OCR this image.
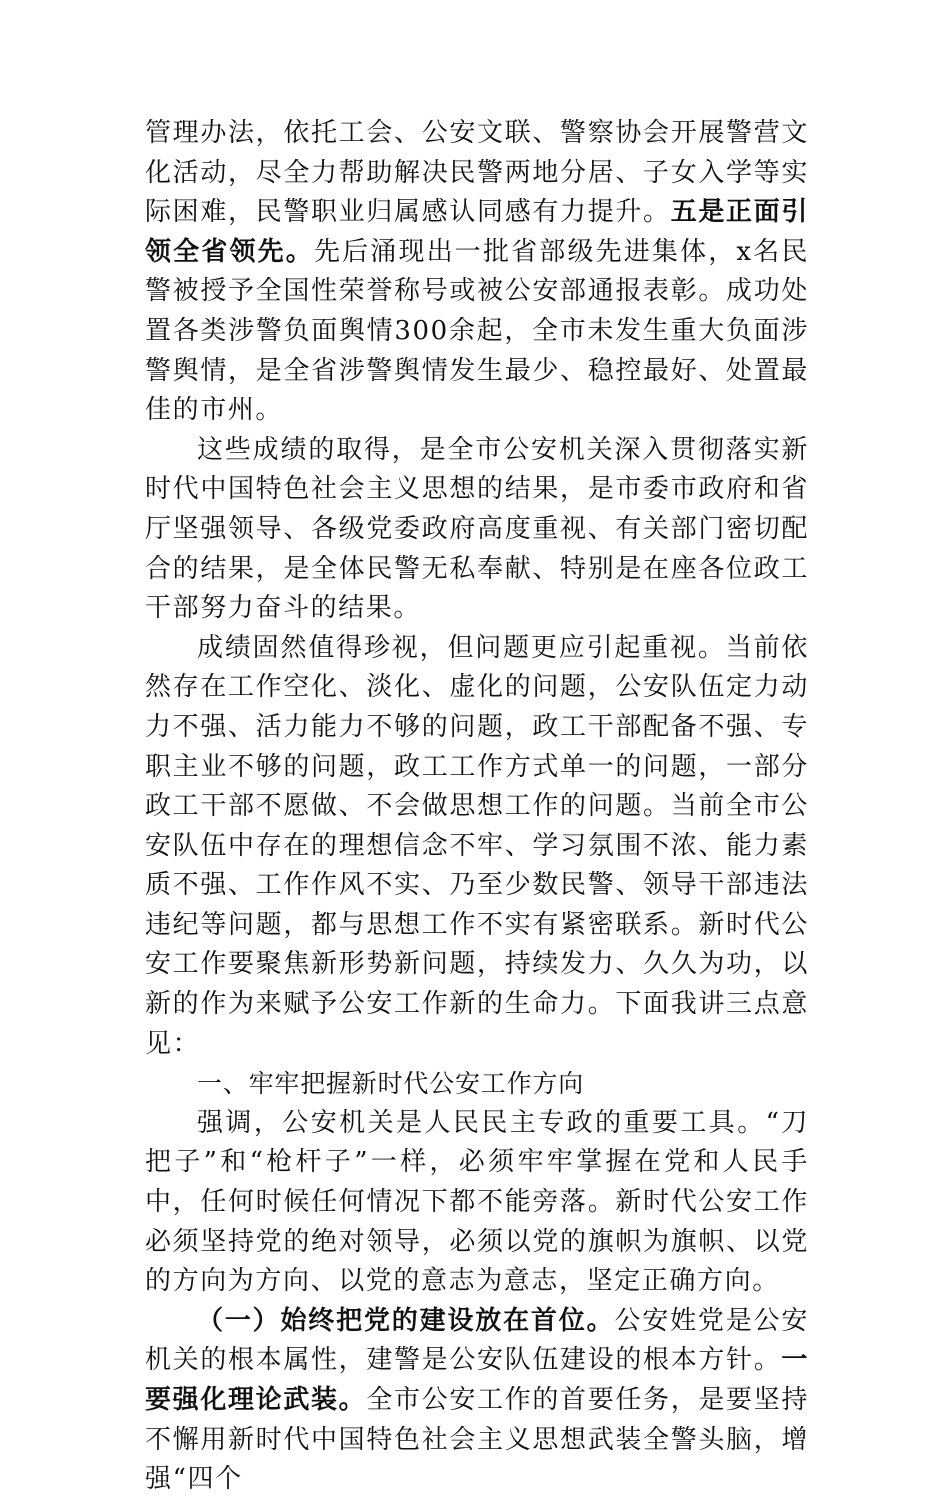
管理办法，依托工会、公安文联、警察协会开展警营文化活动，尽全力帮助解决民警两地分居、子女入学等实际困难，民警职业归属感认同感有力提升。五是正面引领全省领先。先后涌现出一批省部级先进集体，x名民警被授予全国性荣誉称号或被公安部通报表彰。成功处置各类涉警负面舆情300余起，全市未发生重大负面涉警舆情，是全省涉警舆情发生最少、稳控最好、处置最佳的市州。

这些成绩的取得，是全市公安机关深入贯彻落实新时代中国特色社会主义思想的结果，是市委市政府和省厅坚强领导、各级党委政府高度重视、有关部门密切配合的结果，是全体民警无私奉献、特别是在座各位政工干部努力奋斗的结果。

成绩固然值得珍视，但问题更应引起重视。当前依然存在工作空化、淡化、虚化的问题，公安队伍定力动力不强、活力能力不够的问题，政工干部配备不强、专职主业不够的问题，政工工作方式单一的问题，一部分政工干部不愿做、不会做思想工作的问题。当前全市公安队伍中存在的理想信念不牢、学习氛围不浓、能力素质不强、工作作风不实、乃至少数民警、领导干部违法违纪等问题，都与思想工作不实有紧密联系。新时代公安工作要聚焦新形势新问题，持续发力、久久为功，以新的作为来赋予公安工作新的生命力。下面我讲三点意见：

一、牢牢把握新时代公安工作方向

强调，公安机关是人民民主专政的重要工具。“刀把子”和“枪杆子”一样，必须牢牢掌握在党和人民手中，任何时候任何情况下都不能旁落。新时代公安工作必须坚持党的绝对领导，必须以党的旗帜为旗帜、以党的方向为方向、以党的意志为意志，坚定正确方向。

（一）始终把党的建设放在首位。公安姓党是公安机关的根本属性，建警是公安队伍建设的根本方针。一要强化理论武装。全市公安工作的首要任务，是要坚持不懈用新时代中国特色社会主义思想武装全警头脑，增强“四个
